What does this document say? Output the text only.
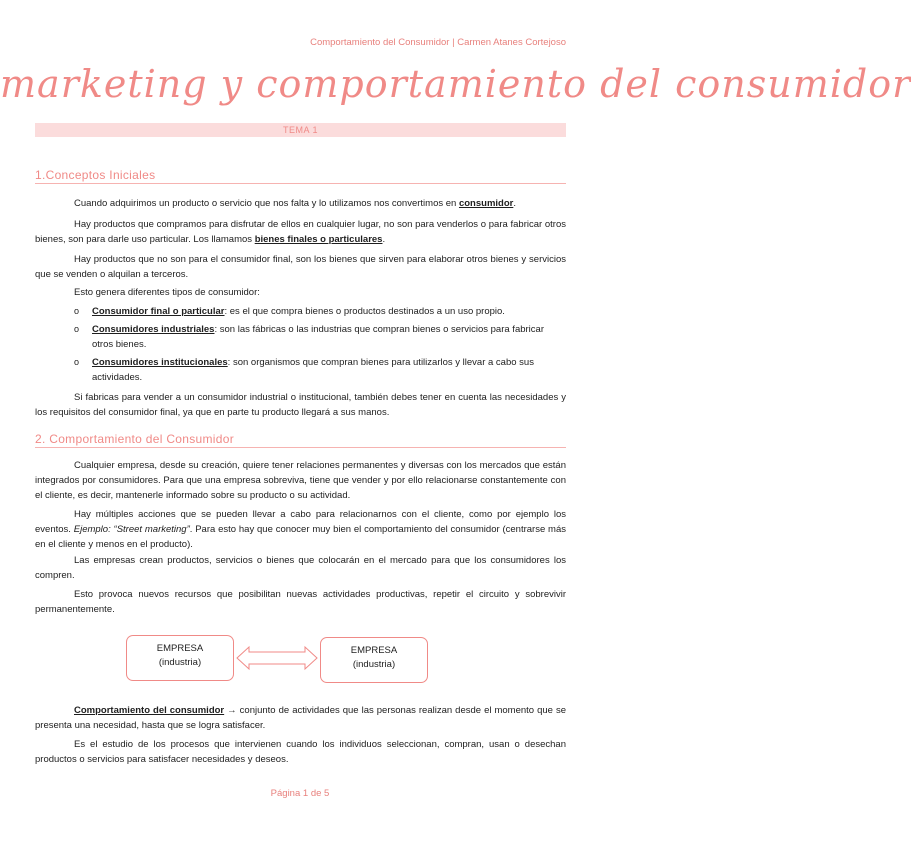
Comportamiento del Consumidor | Carmen Atanes Cortejoso
marketing y comportamiento del consumidor
TEMA 1
1.Conceptos Iniciales
Cuando adquirimos un producto o servicio que nos falta y lo utilizamos nos convertimos en consumidor.
Hay productos que compramos para disfrutar de ellos en cualquier lugar, no son para venderlos o para fabricar otros bienes, son para darle uso particular. Los llamamos bienes finales o particulares.
Hay productos que no son para el consumidor final, son los bienes que sirven para elaborar otros bienes y servicios que se venden o alquilan a terceros.
Esto genera diferentes tipos de consumidor:
o Consumidor final o particular: es el que compra bienes o productos destinados a un uso propio.
o Consumidores industriales: son las fábricas o las industrias que compran bienes o servicios para fabricar otros bienes.
o Consumidores institucionales: son organismos que compran bienes para utilizarlos y llevar a cabo sus actividades.
Si fabricas para vender a un consumidor industrial o institucional, también debes tener en cuenta las necesidades y los requisitos del consumidor final, ya que en parte tu producto llegará a sus manos.
2. Comportamiento del Consumidor
Cualquier empresa, desde su creación, quiere tener relaciones permanentes y diversas con los mercados que están integrados por consumidores. Para que una empresa sobreviva, tiene que vender y por ello relacionarse constantemente con el cliente, es decir, mantenerle informado sobre su producto o su actividad.
Hay múltiples acciones que se pueden llevar a cabo para relacionarnos con el cliente, como por ejemplo los eventos. Ejemplo: “Street marketing”. Para esto hay que conocer muy bien el comportamiento del consumidor (centrarse más en el cliente y menos en el producto).
Las empresas crean productos, servicios o bienes que colocarán en el mercado para que los consumidores los compren.
Esto provoca nuevos recursos que posibilitan nuevas actividades productivas, repetir el circuito y sobrevivir permanentemente.
EMPRESA
(industria)
EMPRESA
(industria)
Comportamiento del consumidor → conjunto de actividades que las personas realizan desde el momento que se presenta una necesidad, hasta que se logra satisfacer.
Es el estudio de los procesos que intervienen cuando los individuos seleccionan, compran, usan o desechan productos o servicios para satisfacer necesidades y deseos.
Página 1 de 5
